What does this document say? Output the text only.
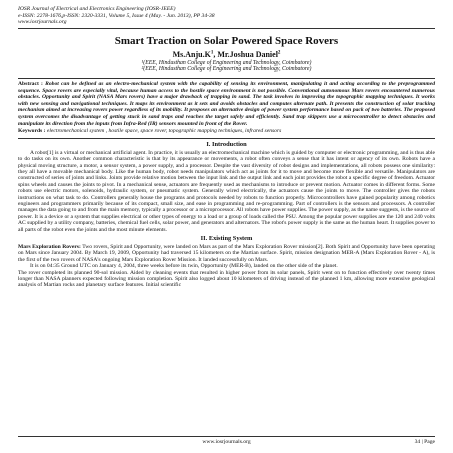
IOSR Journal of Electrical and Electronics Engineering (IOSR-JEEE)
e-ISSN: 2278-1676,p-ISSN: 2320-3331, Volume 5, Issue 4 (May. - Jun. 2013), PP 34-38
www.iosrjournals.org
Smart Traction on Solar Powered Space Rovers
$Ms.Anju.K^1$, Mr.Joshua Daniel$^2$
¹(EEE, Hindusthan College of Engineering and Technology, Coimbatore)
²(EEE, Hindusthan College of Engineering and Technology, Coimbatore)
Abstract : Robot can be defined as an electro-mechanical system with the capability of sensing its environment, manipulating it and acting according to the preprogrammed sequence. Space rovers are especially vital, because human access to the hostile space environment is not possible. Conventional autonomous Mars rovers encountered numerous obstacles. Opportunity and Spirit (NASA Mars rovers) have a major drawback of trapping in sand. The task involves in improving the topographic mapping techniques. It works with new sensing and navigational techniques. It maps its environment as it sets and avoids obstacles and computes alternate path. It presents the construction of solar tracking mechanism aimed at increasing rovers power regardless of its mobility. It proposes an alternative design of power system performance based on pack of two batteries. The proposed system overcomes the disadvantage of getting stuck in sand traps and reaches the target safely and efficiently. Sand trap skippers use a microcontroller to detect obstacles and manipulate its direction from the inputs from Infra-Red (IR) sensors mounted in front of the Rover.
Keywords : electromechanical system , hostile space, space rover, topographic mapping techniques, infrared sensors
I. Introduction

A robot[1] is a virtual or mechanical artificial agent. In practice, it is usually an electromechanical machine which is guided by computer or electronic programming, and is thus able to do tasks on its own. Another common characteristic is that by its appearance or movements, a robot often conveys a sense that it has intent or agency of its own. Robots have a physical moving structure, a motor, a sensor system, a power supply, and a processor. Despite the vast diversity of robot designs and implementations, all robots possess one similarity: they all have a movable mechanical body. Like the human body, robot needs manipulators which act as joints for it to move and become more flexible and versatile. Manipulators are constructed of series of joints and links. Joints provide relative motion between the input link and the output link and each joint provides the robot a specific degree of freedom. Actuator spins wheels and causes the joints to pivot. In a mechanical sense, actuators are frequently used as mechanisms to introduce or prevent motion. Actuator comes in different forms. Some robots use electric motors, solenoids, hydraulic system, or pneumatic system. Generally wired electrically, the actuators cause the joints to move. The controller gives the robots instructions on what task to do. Controllers generally house the programs and protocols needed by robots to function properly. Microcontrollers have gained popularity among robotics engineers and programmers primarily because of its compact, small size, and ease in programming and re-programming. Part of controllers is the sensors and processors. A controller manages the data going to and from the main memory, typically a processor or a microprocessor. All robots have power supplies. The power supply, as the name suggests, is the source of power. It is a device or a system that supplies electrical or other types of energy to a load or a group of loads called the PSU. Among the popular power supplies are the 120 and 240 volts AC supplied by a utility company, batteries, chemical fuel cells, solar power, and generators and alternators. The robot's power supply is the same as the human heart. It supplies power to all parts of the robot even the joints and the most minute elements.

II. Existing System

Mars Exploration Rovers: Two rovers, Spirit and Opportunity, were landed on Mars as part of the Mars Exploration Rover mission[2]. Both Spirit and Opportunity have been operating on Mars since January 2004. By March 19, 2009, Opportunity had traversed 15 kilometers on the Martian surface. Spirit, mission designation MER-A (Mars Exploration Rover - A), is the first of the two rovers of NASA's ongoing Mars Exploration Rover Mission. It landed successfully on Mars.

It is on 04:35 Ground UTC on January 4, 2004, three weeks before its twin, Opportunity (MER-B), landed on the other side of the planet.

The rover completed its planned 90-sol mission. Aided by cleaning events that resulted in higher power from its solar panels, Spirit went on to function effectively over twenty times longer than NASA planners expected following mission completion. Spirit also logged about 10 kilometers of driving instead of the planned 1 km, allowing more extensive geological analysis of Martian rocks and planetary surface features. Initial scientific

www.iosrjournals.org	34 | Page
